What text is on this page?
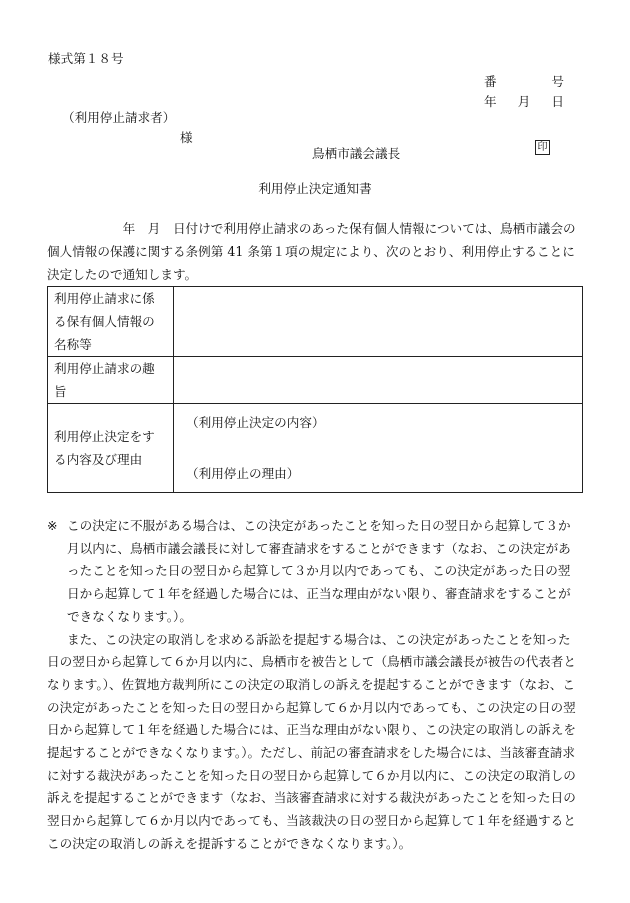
様式第１８号
番	号
年 月 日
（利用停止請求者）
様
鳥栖市議会議長	印
利用停止決定通知書

　　　　　　年　月　日付けで利用停止請求のあった保有個人情報については、鳥栖市議会の個人情報の保護に関する条例第 41 条第１項の規定により、次のとおり、利用停止することに決定したので通知します。

利用停止請求に係る保有個人情報の名称等	
利用停止請求の趣旨	
利用停止決定をする内容及び理由	（利用停止決定の内容）
（利用停止の理由）

※ この決定に不服がある場合は、この決定があったことを知った日の翌日から起算して３か月以内に、鳥栖市議会議長に対して審査請求をすることができます（なお、この決定があったことを知った日の翌日から起算して３か月以内であっても、この決定があった日の翌日から起算して１年を経過した場合には、正当な理由がない限り、審査請求をすることができなくなります。）。

また、この決定の取消しを求める訴訟を提起する場合は、この決定があったことを知った日の翌日から起算して６か月以内に、鳥栖市を被告として（鳥栖市議会議長が被告の代表者となります。）、佐賀地方裁判所にこの決定の取消しの訴えを提起することができます（なお、この決定があったことを知った日の翌日から起算して６か月以内であっても、この決定の日の翌日から起算して１年を経過した場合には、正当な理由がない限り、この決定の取消しの訴えを提起することができなくなります。）。ただし、前記の審査請求をした場合には、当該審査請求に対する裁決があったことを知った日の翌日から起算して６か月以内に、この決定の取消しの訴えを提起することができます（なお、当該審査請求に対する裁決があったことを知った日の翌日から起算して６か月以内であっても、当該裁決の日の翌日から起算して１年を経過するとこの決定の取消しの訴えを提訴することができなくなります。）。
